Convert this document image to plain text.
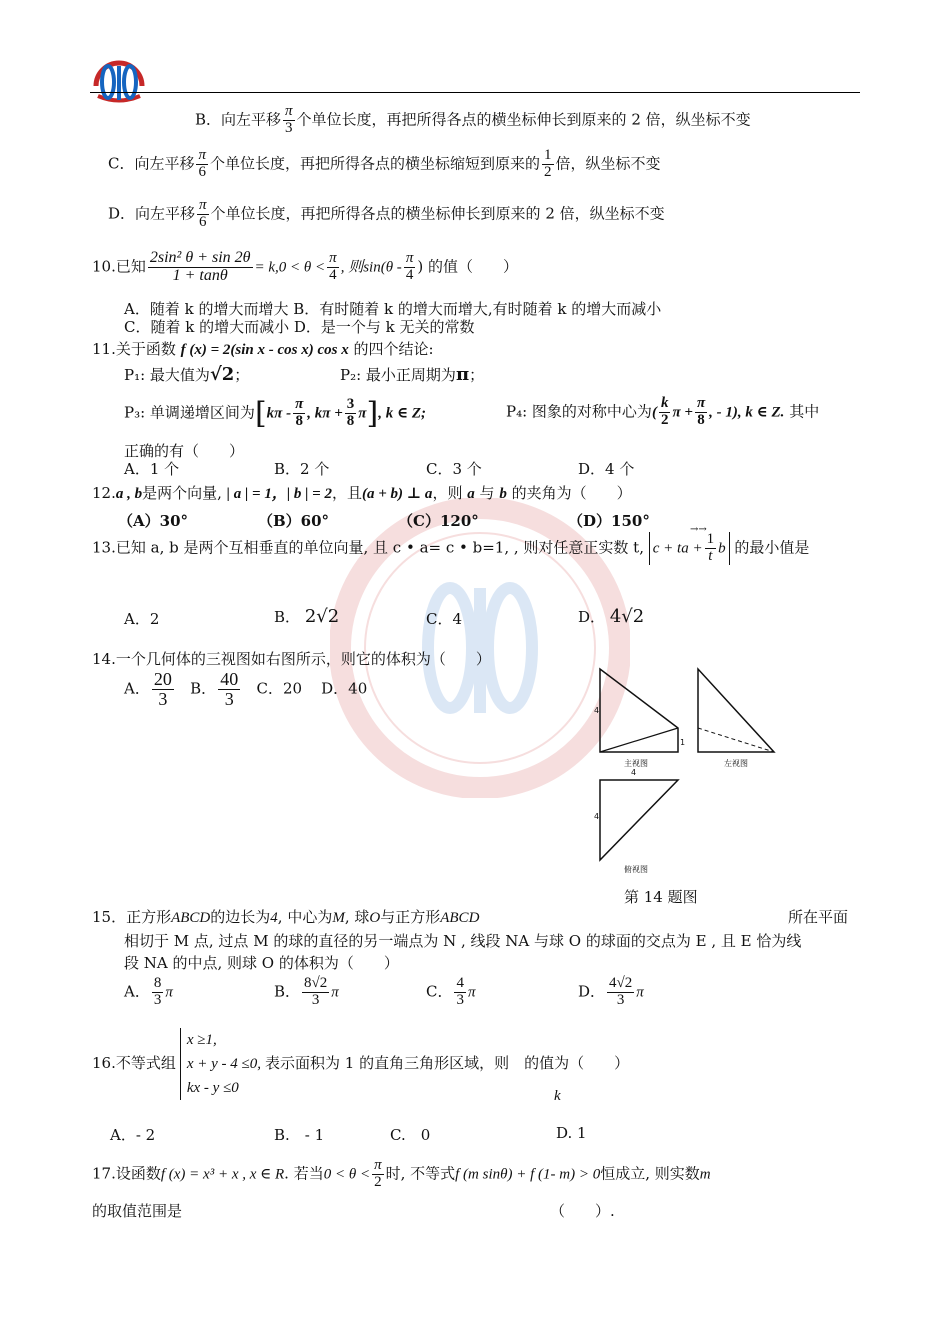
B．向左平移 $\frac{\pi}{3}$ 个单位长度，再把所得各点的横坐标伸长到原来的 2 倍，纵坐标不变
C．向左平移 $\frac{\pi}{6}$ 个单位长度，再把所得各点的横坐标缩短到原来的 $\frac{1}{2}$ 倍，纵坐标不变
D．向左平移 $\frac{\pi}{6}$ 个单位长度，再把所得各点的横坐标伸长到原来的 2 倍，纵坐标不变
10.已知 $\frac{\text{2sin² θ + sin 2θ}}{1 + \tan\theta} = k,0 < \theta < \frac{\pi}{4}$ , 则$\sin(\theta - \frac{\pi}{4}$ ) 的值（　　）
A．随着 k 的增大而增大 B．有时随着 k 的增大而增大,有时随着 k 的增大而减小
C．随着 k 的增大而减小 D．是一个与 k 无关的常数
11.关于函数 f (x) = 2(sin x - cos x) cos x 的四个结论:
P₁: 最大值为√2；	P₂: 最小正周期为π；
P₃: 单调递增区间为[$k\pi - \frac{\pi}{8}$ , $k\pi + \frac{3}{8} \pi$], k ∈ Z;	P₄: 图象的对称中心为( $\frac{k}{2}$ $\pi + \frac{\pi}{8}$ , - 1), k ∈ Z. 其中
正确的有（　　）
A．1 个	B．2 个	C．3 个	D．4 个
12.a , b是两个向量, | a | = 1，| b | = 2，且(a + b) ⊥ a，则 a 与 b 的夹角为（　　）
（A）30°	（B）60°	（C）120°	（D）150°	→→
13.已知 a, b 是两个互相垂直的单位向量, 且 c • a= c • b=1, , 则对任意正实数 t, c + ta + $\frac{1}{t}$ b 的最小值是
A．2	B． 2√2	C．4	D． 4√2
14.一个几何体的三视图如右图所示，则它的体积为（　　）
A． $\frac{20}{3}$ B． $\frac{40}{3}$ C．20 D．40
4
1
主视图	左视图
4
4
俯视图
第 14 题图
15．正方形ABCD的边长为4, 中心为M, 球O与正方形ABCD	所在平面
相切于 M 点, 过点 M 的球的直径的另一端点为 N , 线段 NA 与球 O 的球面的交点为 E , 且 E 恰为线
段 NA 的中点, 则球 O 的体积为（　　）
A． $\frac{8}{3}$ π	B． $\frac{8√2}{3}$ π	C． $\frac{4}{3}$ π	D． $\frac{4√2}{3}$ π
16.不等式组
x ≥1,
x + y - 4 ≤0,
kx - y ≤0
表示面积为 1 的直角三角形区域，则　的值为（　　）
k
A．- 2	B.　- 1	C.　0	D. 1
17.设函数f (x) = x³ + x , x ∈ R. 若当$0 < \theta < \frac{\pi}{2}$ 时, 不等式f (m sinθ) + f (1- m) > 0恒成立, 则实数m
的取值范围是	（　　）.
